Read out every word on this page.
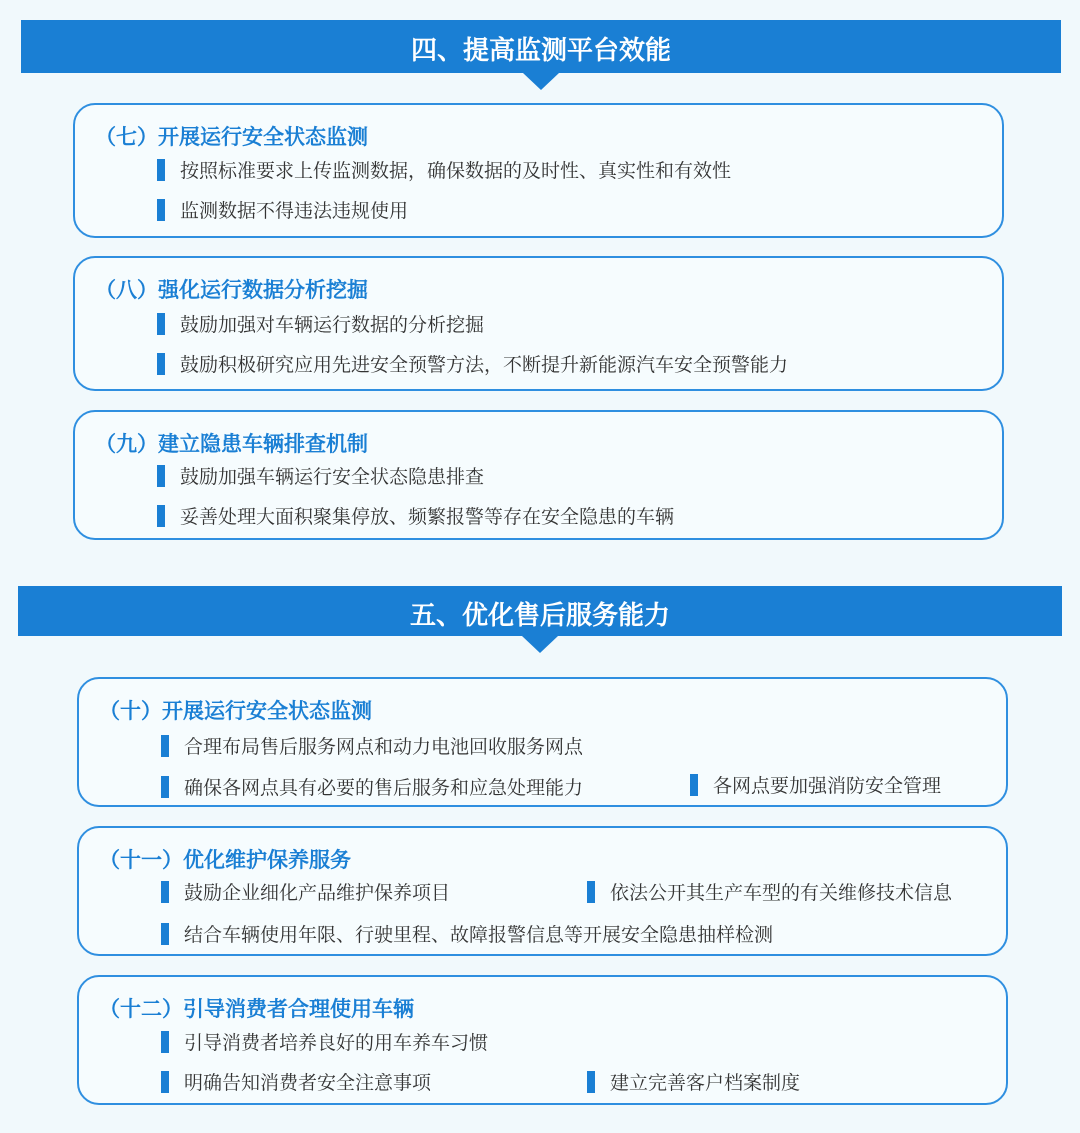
四、提高监测平台效能
（七）开展运行安全状态监测
按照标准要求上传监测数据，确保数据的及时性、真实性和有效性
监测数据不得违法违规使用
（八）强化运行数据分析挖掘
鼓励加强对车辆运行数据的分析挖掘
鼓励积极研究应用先进安全预警方法，不断提升新能源汽车安全预警能力
（九）建立隐患车辆排查机制
鼓励加强车辆运行安全状态隐患排查
妥善处理大面积聚集停放、频繁报警等存在安全隐患的车辆
五、优化售后服务能力
（十）开展运行安全状态监测
合理布局售后服务网点和动力电池回收服务网点
确保各网点具有必要的售后服务和应急处理能力	各网点要加强消防安全管理
（十一）优化维护保养服务
鼓励企业细化产品维护保养项目	依法公开其生产车型的有关维修技术信息
结合车辆使用年限、行驶里程、故障报警信息等开展安全隐患抽样检测
（十二）引导消费者合理使用车辆
引导消费者培养良好的用车养车习惯
明确告知消费者安全注意事项	建立完善客户档案制度
